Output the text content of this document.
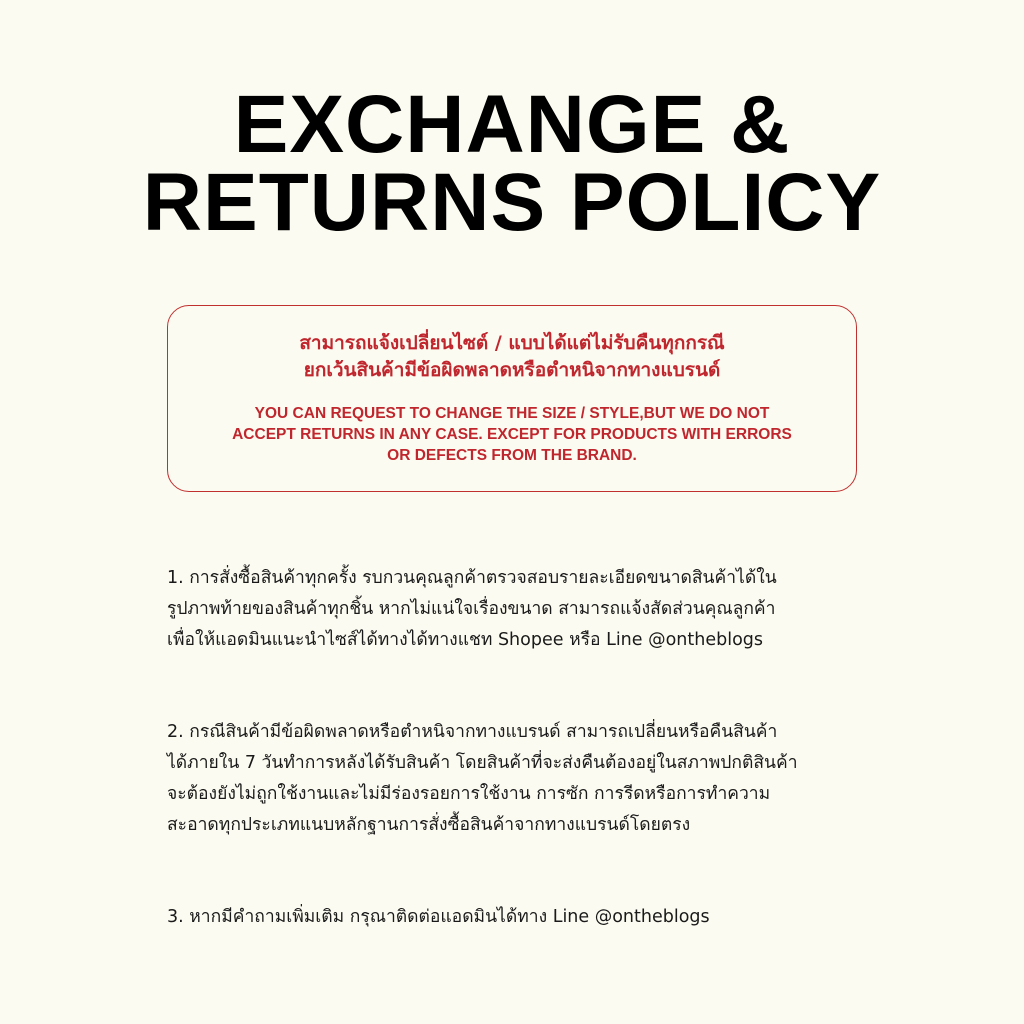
EXCHANGE &
RETURNS POLICY
สามารถแจ้งเปลี่ยนไซต์ / แบบได้แต่ไม่รับคืนทุกกรณี
ยกเว้นสินค้ามีข้อผิดพลาดหรือตำหนิจากทางแบรนด์
YOU CAN REQUEST TO CHANGE THE SIZE / STYLE,BUT WE DO NOT
ACCEPT RETURNS IN ANY CASE. EXCEPT FOR PRODUCTS WITH ERRORS
OR DEFECTS FROM THE BRAND.
1. การสั่งซื้อสินค้าทุกครั้ง รบกวนคุณลูกค้าตรวจสอบรายละเอียดขนาดสินค้าได้ใน
รูปภาพท้ายของสินค้าทุกชิ้น หากไม่แน่ใจเรื่องขนาด สามารถแจ้งสัดส่วนคุณลูกค้า
เพื่อให้แอดมินแนะนำไซส์ได้ทางได้ทางแชท Shopee หรือ Line @ontheblogs
2. กรณีสินค้ามีข้อผิดพลาดหรือตำหนิจากทางแบรนด์ สามารถเปลี่ยนหรือคืนสินค้า
ได้ภายใน 7 วันทำการหลังได้รับสินค้า โดยสินค้าที่จะส่งคืนต้องอยู่ในสภาพปกติสินค้า
จะต้องยังไม่ถูกใช้งานและไม่มีร่องรอยการใช้งาน การซัก การรีดหรือการทำความ
สะอาดทุกประเภทแนบหลักฐานการสั่งซื้อสินค้าจากทางแบรนด์โดยตรง
3. หากมีคำถามเพิ่มเติม กรุณาติดต่อแอดมินได้ทาง Line @ontheblogs
